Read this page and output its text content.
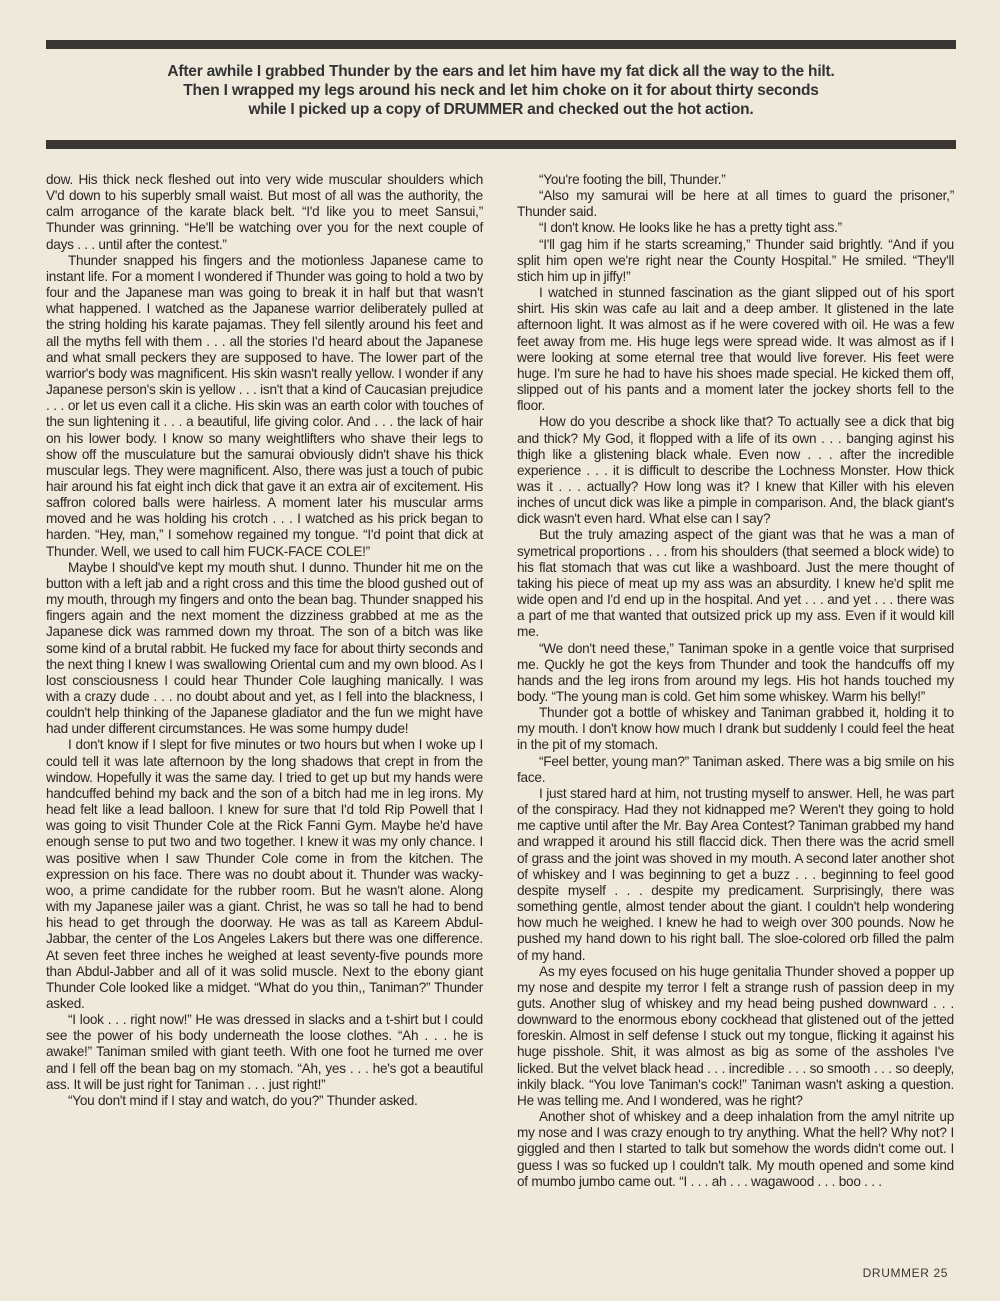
After awhile I grabbed Thunder by the ears and let him have my fat dick all the way to the hilt.
Then I wrapped my legs around his neck and let him choke on it for about thirty seconds
while I picked up a copy of DRUMMER and checked out the hot action.

dow. His thick neck fleshed out into very wide muscular shoulders which V'd down to his superbly small waist. But most of all was the authority, the calm arrogance of the karate black belt. “I'd like you to meet Sansui,” Thunder was grinning. “He'll be watching over you for the next couple of days . . . until after the contest.”

Thunder snapped his fingers and the motionless Japanese came to instant life. For a moment I wondered if Thunder was going to hold a two by four and the Japanese man was going to break it in half but that wasn't what happened. I watched as the Japanese warrior deliberately pulled at the string holding his karate pajamas. They fell silently around his feet and all the myths fell with them . . . all the stories I'd heard about the Japanese and what small peckers they are supposed to have. The lower part of the warrior's body was magnificent. His skin wasn't really yellow. I wonder if any Japanese person's skin is yellow . . . isn't that a kind of Caucasian prejudice . . . or let us even call it a cliche. His skin was an earth color with touches of the sun lightening it . . . a beautiful, life giving color. And . . . the lack of hair on his lower body. I know so many weightlifters who shave their legs to show off the musculature but the samurai obviously didn't shave his thick muscular legs. They were magnificent. Also, there was just a touch of pubic hair around his fat eight inch dick that gave it an extra air of excitement. His saffron colored balls were hairless. A moment later his muscular arms moved and he was holding his crotch . . . I watched as his prick began to harden. “Hey, man,” I somehow regained my tongue. “I'd point that dick at Thunder. Well, we used to call him FUCK-FACE COLE!”

Maybe I should've kept my mouth shut. I dunno. Thunder hit me on the button with a left jab and a right cross and this time the blood gushed out of my mouth, through my fingers and onto the bean bag. Thunder snapped his fingers again and the next moment the dizziness grabbed at me as the Japanese dick was rammed down my throat. The son of a bitch was like some kind of a brutal rabbit. He fucked my face for about thirty seconds and the next thing I knew I was swallowing Oriental cum and my own blood. As I lost consciousness I could hear Thunder Cole laughing manically. I was with a crazy dude . . . no doubt about and yet, as I fell into the blackness, I couldn't help thinking of the Japanese gladiator and the fun we might have had under different circumstances. He was some humpy dude!

I don't know if I slept for five minutes or two hours but when I woke up I could tell it was late afternoon by the long shadows that crept in from the window. Hopefully it was the same day. I tried to get up but my hands were handcuffed behind my back and the son of a bitch had me in leg irons. My head felt like a lead balloon. I knew for sure that I'd told Rip Powell that I was going to visit Thunder Cole at the Rick Fanni Gym. Maybe he'd have enough sense to put two and two together. I knew it was my only chance. I was positive when I saw Thunder Cole come in from the kitchen. The expression on his face. There was no doubt about it. Thunder was wacky-woo, a prime candidate for the rubber room. But he wasn't alone. Along with my Japanese jailer was a giant. Christ, he was so tall he had to bend his head to get through the doorway. He was as tall as Kareem Abdul-Jabbar, the center of the Los Angeles Lakers but there was one difference. At seven feet three inches he weighed at least seventy-five pounds more than Abdul-Jabber and all of it was solid muscle. Next to the ebony giant Thunder Cole looked like a midget. “What do you thin,, Taniman?” Thunder asked.

“I look . . . right now!” He was dressed in slacks and a t-shirt but I could see the power of his body underneath the loose clothes. “Ah . . . he is awake!” Taniman smiled with giant teeth. With one foot he turned me over and I fell off the bean bag on my stomach. “Ah, yes . . . he's got a beautiful ass. It will be just right for Taniman . . . just right!”

“You don't mind if I stay and watch, do you?” Thunder asked.

“You're footing the bill, Thunder.”

“Also my samurai will be here at all times to guard the prisoner,” Thunder said.

“I don't know. He looks like he has a pretty tight ass.”

“I'll gag him if he starts screaming,” Thunder said brightly. “And if you split him open we're right near the County Hospital.” He smiled. “They'll stich him up in jiffy!”

I watched in stunned fascination as the giant slipped out of his sport shirt. His skin was cafe au lait and a deep amber. It glistened in the late afternoon light. It was almost as if he were covered with oil. He was a few feet away from me. His huge legs were spread wide. It was almost as if I were looking at some eternal tree that would live forever. His feet were huge. I'm sure he had to have his shoes made special. He kicked them off, slipped out of his pants and a moment later the jockey shorts fell to the floor.

How do you describe a shock like that? To actually see a dick that big and thick? My God, it flopped with a life of its own . . . banging aginst his thigh like a glistening black whale. Even now . . . after the incredible experience . . . it is difficult to describe the Lochness Monster. How thick was it . . . actually? How long was it? I knew that Killer with his eleven inches of uncut dick was like a pimple in comparison. And, the black giant's dick wasn't even hard. What else can I say?

But the truly amazing aspect of the giant was that he was a man of symetrical proportions . . . from his shoulders (that seemed a block wide) to his flat stomach that was cut like a washboard. Just the mere thought of taking his piece of meat up my ass was an absurdity. I knew he'd split me wide open and I'd end up in the hospital. And yet . . . and yet . . . there was a part of me that wanted that outsized prick up my ass. Even if it would kill me.

“We don't need these,” Taniman spoke in a gentle voice that surprised me. Quckly he got the keys from Thunder and took the handcuffs off my hands and the leg irons from around my legs. His hot hands touched my body. “The young man is cold. Get him some whiskey. Warm his belly!”

Thunder got a bottle of whiskey and Taniman grabbed it, holding it to my mouth. I don't know how much I drank but suddenly I could feel the heat in the pit of my stomach.

“Feel better, young man?” Taniman asked. There was a big smile on his face.

I just stared hard at him, not trusting myself to answer. Hell, he was part of the conspiracy. Had they not kidnapped me? Weren't they going to hold me captive until after the Mr. Bay Area Contest? Taniman grabbed my hand and wrapped it around his still flaccid dick. Then there was the acrid smell of grass and the joint was shoved in my mouth. A second later another shot of whiskey and I was beginning to get a buzz . . . beginning to feel good despite myself . . . despite my predicament. Surprisingly, there was something gentle, almost tender about the giant. I couldn't help wondering how much he weighed. I knew he had to weigh over 300 pounds. Now he pushed my hand down to his right ball. The sloe-colored orb filled the palm of my hand.

As my eyes focused on his huge genitalia Thunder shoved a popper up my nose and despite my terror I felt a strange rush of passion deep in my guts. Another slug of whiskey and my head being pushed downward . . . downward to the enormous ebony cockhead that glistened out of the jetted foreskin. Almost in self defense I stuck out my tongue, flicking it against his huge pisshole. Shit, it was almost as big as some of the assholes I've licked. But the velvet black head . . . incredible . . . so smooth . . . so deeply, inkily black. “You love Taniman's cock!” Taniman wasn't asking a question. He was telling me. And I wondered, was he right?

Another shot of whiskey and a deep inhalation from the amyl nitrite up my nose and I was crazy enough to try anything. What the hell? Why not? I giggled and then I started to talk but somehow the words didn't come out. I guess I was so fucked up I couldn't talk. My mouth opened and some kind of mumbo jumbo came out. “I . . . ah . . . wagawood . . . boo . . .

DRUMMER 25
